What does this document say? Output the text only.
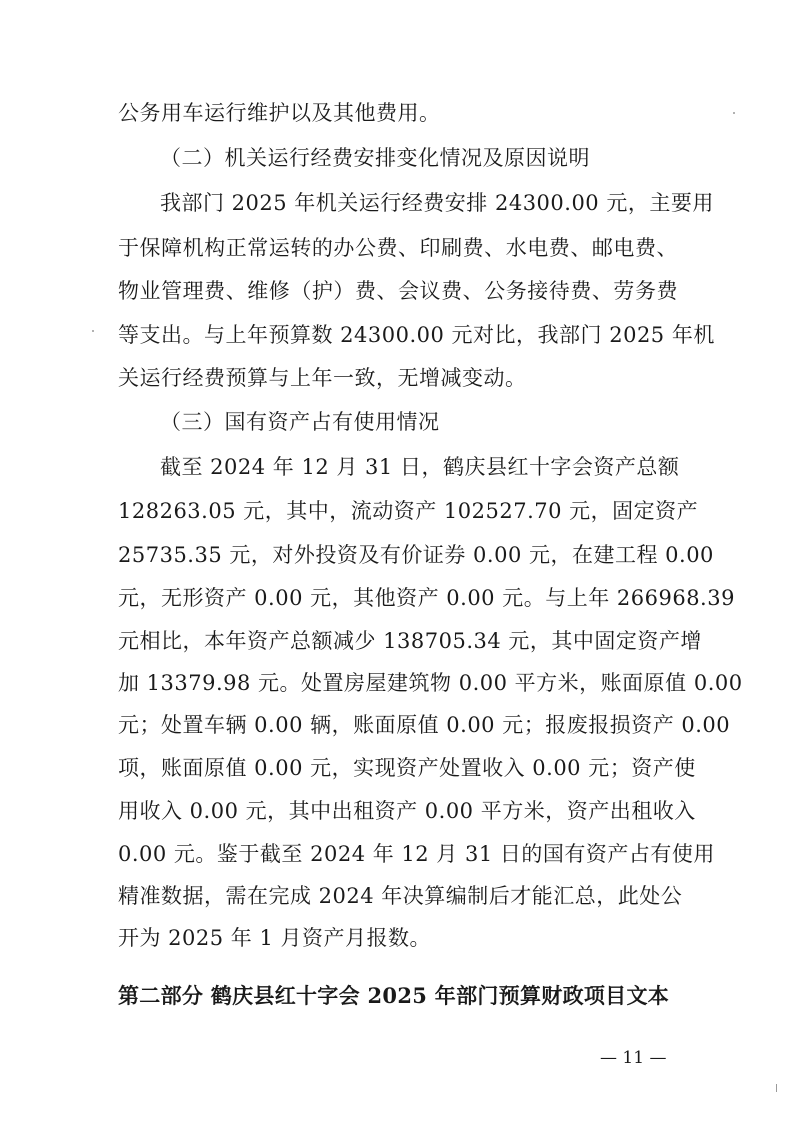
公务用车运行维护以及其他费用。
（二）机关运行经费安排变化情况及原因说明
我部门 2025 年机关运行经费安排 24300.00 元，主要用
于保障机构正常运转的办公费、印刷费、水电费、邮电费、
物业管理费、维修（护）费、会议费、公务接待费、劳务费
等支出。与上年预算数 24300.00 元对比，我部门 2025 年机
关运行经费预算与上年一致，无增减变动。
（三）国有资产占有使用情况
截至 2024 年 12 月 31 日，鹤庆县红十字会资产总额
128263.05 元，其中，流动资产 102527.70 元，固定资产
25735.35 元，对外投资及有价证券 0.00 元，在建工程 0.00
元，无形资产 0.00 元，其他资产 0.00 元。与上年 266968.39
元相比，本年资产总额减少 138705.34 元，其中固定资产增
加 13379.98 元。处置房屋建筑物 0.00 平方米，账面原值 0.00
元；处置车辆 0.00 辆，账面原值 0.00 元；报废报损资产 0.00
项，账面原值 0.00 元，实现资产处置收入 0.00 元；资产使
用收入 0.00 元，其中出租资产 0.00 平方米，资产出租收入
0.00 元。鉴于截至 2024 年 12 月 31 日的国有资产占有使用
精准数据，需在完成 2024 年决算编制后才能汇总，此处公
开为 2025 年 1 月资产月报数。
第二部分 鹤庆县红十字会 2025 年部门预算财政项目文本
— 11 —
